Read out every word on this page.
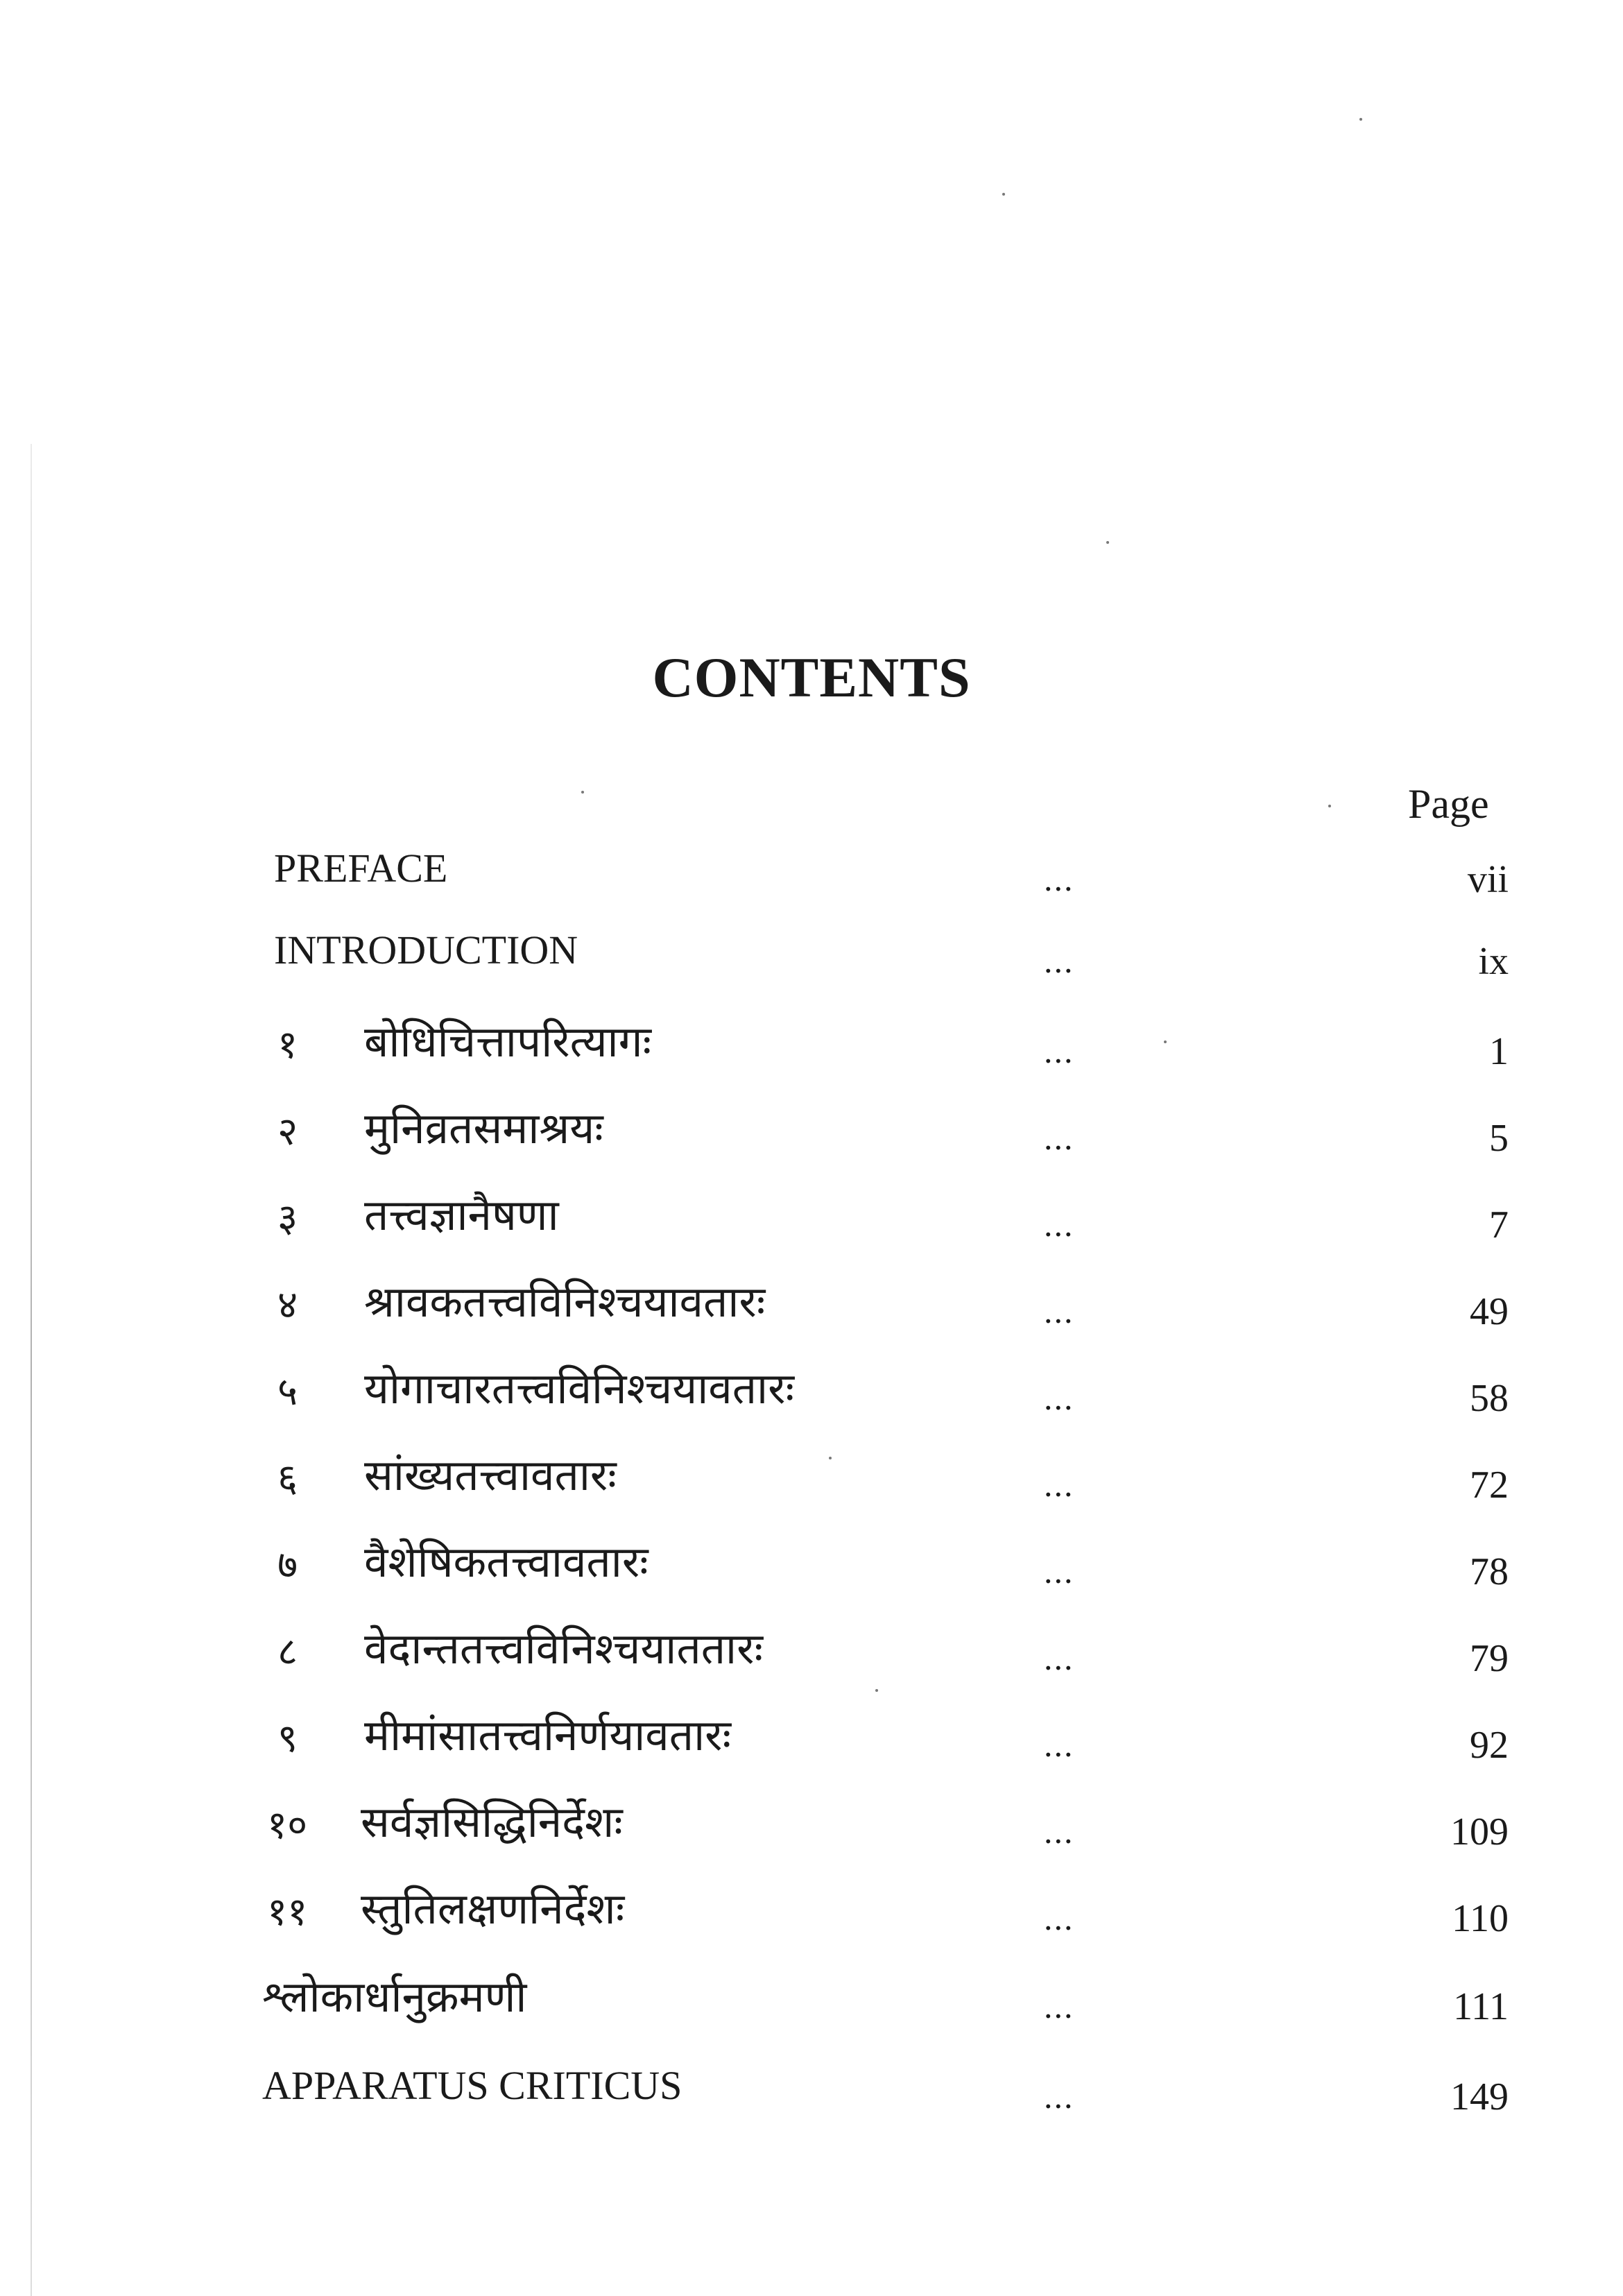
CONTENTS
Page
PREFACE	...	vii
INTRODUCTION	...	ix
१ बोधिचित्तापरित्यागः	...	1
२ मुनिव्रतसमाश्रयः	...	5
३ तत्त्वज्ञानैषणा	...	7
४ श्रावकतत्त्वविनिश्चयावतारः	...	49
५ योगाचारतत्त्वविनिश्चयावतारः	...	58
६ सांख्यतत्त्वावतारः	...	72
७ वैशेषिकतत्त्वावतारः	...	78
८ वेदान्ततत्त्वविनिश्चयाततारः	...	79
९ मीमांसातत्त्वनिर्णयावतारः	...	92
१० सर्वज्ञसिद्धिनिर्देशः	...	109
११ स्तुतिलक्षणनिर्देशः	...	110
श्लोकार्धानुक्रमणी	...	111
APPARATUS CRITICUS	...	149
